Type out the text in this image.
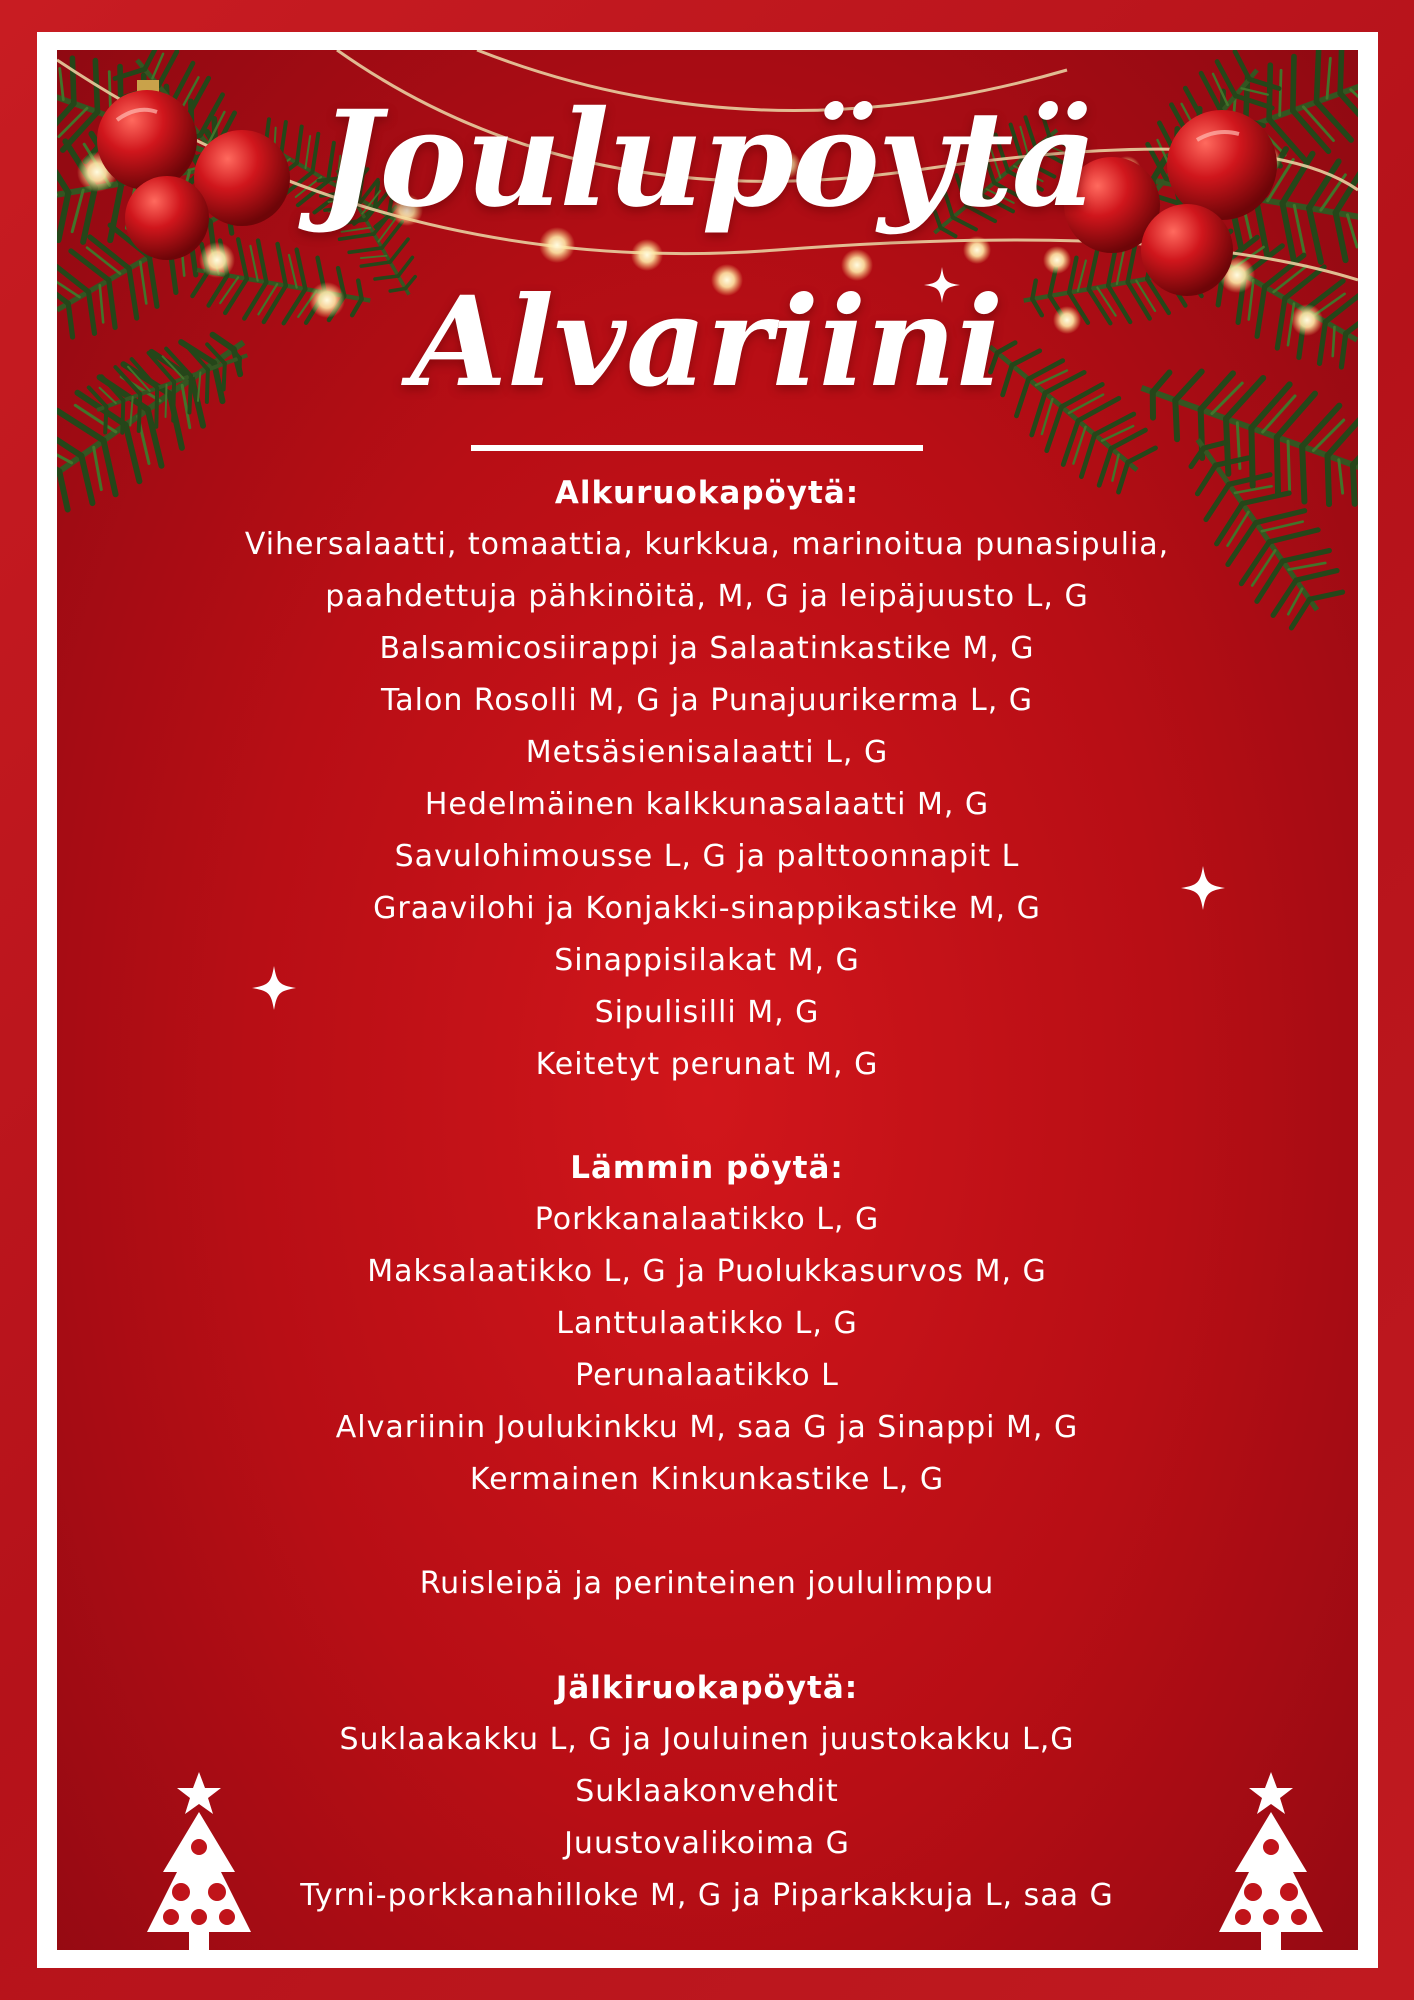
Joulupöytä
Alvariini

Alkuruokapöytä:

Vihersalaatti, tomaattia, kurkkua, marinoitua punasipulia,

paahdettuja pähkinöitä, M, G ja leipäjuusto L, G

Balsamicosiirappi ja Salaatinkastike M, G

Talon Rosolli M, G ja Punajuurikerma L, G

Metsäsienisalaatti L, G

Hedelmäinen kalkkunasalaatti M, G

Savulohimousse L, G ja palttoonnapit L

Graavilohi ja Konjakki-sinappikastike M, G

Sinappisilakat M, G

Sipulisilli M, G

Keitetyt perunat M, G

Lämmin pöytä:

Porkkanalaatikko L, G

Maksalaatikko L, G ja Puolukkasurvos M, G

Lanttulaatikko L, G

Perunalaatikko L

Alvariinin Joulukinkku M, saa G ja Sinappi M, G

Kermainen Kinkunkastike L, G

Ruisleipä ja perinteinen joululimppu

Jälkiruokapöytä:

Suklaakakku L, G ja Jouluinen juustokakku L,G

Suklaakonvehdit

Juustovalikoima G

Tyrni-porkkanahilloke M, G ja Piparkakkuja L, saa G
